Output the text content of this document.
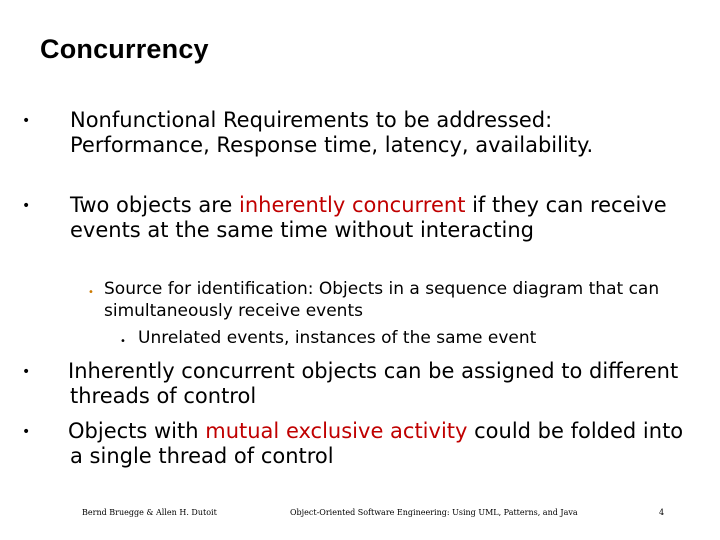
Concurrency
•	Nonfunctional Requirements to be addressed: Performance, Response time, latency, availability.
•	Two objects are inherently concurrent if they can receive events at the same time without interacting
• Source for identification: Objects in a sequence diagram that can simultaneously receive events
• Unrelated events, instances of the same event
•	Inherently concurrent objects can be assigned to different threads of control
•	Objects with mutual exclusive activity could be folded into a single thread of control
Bernd Bruegge & Allen H. Dutoit	Object-Oriented Software Engineering: Using UML, Patterns, and Java	4
